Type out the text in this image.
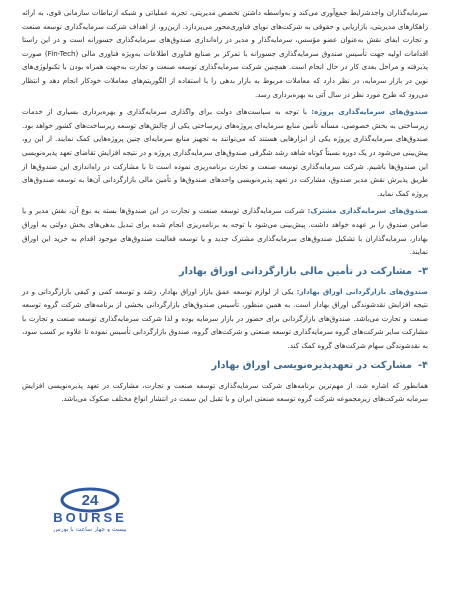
سرمایه‌گذاران واجدشرایط جمع‌آوری می‌کند و به‌واسطه داشتن تخصص مدیریتی، تجربه عملیاتی و شبکه ارتباطات سازمانی قوی، به ارائه راهکارهای مدیریتی، بازاریابی و حقوقی به شرکت‌های نوپای فناوری‌محور می‌پردازد. ازین‌رو، از اهداف شرکت سرمایه‌گذاری توسعه صنعت و تجارت ایفای نقش به‌عنوان عضو مؤسس، سرمایه‌گذار و مدیر در راه‌اندازی صندوق‌های سرمایه‌گذاری جسورانه است و در این راستا اقدامات اولیه جهت تأسیس صندوق سرمایه‌گذاری جسورانه با تمرکز بر صنایع فناوری اطلاعات به‌ویژه فناوری مالی (Fin-Tech) صورت پذیرفته و مراحل بعدی کار در حال انجام است. همچنین شرکت سرمایه‌گذاری توسعه صنعت و تجارت به‌جهت همراه بودن با تکنولوژی‌های نوین در بازار سرمایه، در نظر دارد که معاملات مربوط به بازار بدهی را با استفاده از الگوریتم‌های معاملات خودکار انجام دهد و انتظار می‌رود که طرح مورد نظر در سال آتی به بهره‌برداری رسد.

صندوق‌های سرمایه‌گذاری پروژه: با توجه به سیاست‌های دولت برای واگذاری سرمایه‌گذاری و بهره‌برداری بسیاری از خدمات زیرساختی به بخش خصوصی، مسأله تأمین منابع سرمایه‌ای پروژه‌های زیرساختی یکی از چالش‌های توسعه زیرساخت‌های کشور خواهد بود. صندوق‌های سرمایه‌گذاری پروژه یکی از ابزارهایی هستند که می‌توانند به تجهیز منابع سرمایه‌ای چنین پروژه‌هایی کمک نمایند. از این رو، پیش‌بینی می‌شود در یک دوره نسبتاً کوتاه شاهد رشد شگرفی صندوق‌های سرمایه‌گذاری پروژه و در نتیجه افزایش تقاضای تعهد پذیره‌نویسی این صندوق‌ها باشیم. شرکت سرمایه‌گذاری توسعه صنعت و تجارت برنامه‌ریزی نموده است تا با مشارکت در راه‌اندازی این صندوق‌ها از طریق پذیرش نقش مدیر صندوق، مشارکت در تعهد پذیره‌نویسی واحدهای صندوق‌ها و تأمین مالی بازارگردانی آن‌ها به توسعه صندوق‌های پروژه کمک نماید.

صندوق‌های سرمایه‌گذاری مشترک: شرکت سرمایه‌گذاری توسعه صنعت و تجارت در این صندوق‌ها بسته به نوع آن، نقش مدیر و یا ضامن صندوق را بر عهده خواهد داشت. پیش‌بینی می‌شود با توجه به برنامه‌ریزی انجام شده برای تبدیل بدهی‌های بخش دولتی به اوراق بهادار، سرمایه‌گذاران با تشکیل صندوق‌های سرمایه‌گذاری مشترک جدید و یا توسعه فعالیت صندوق‌های موجود اقدام به خرید این اوراق نمایند.

۳-مشارکت در تأمین مالی بازارگردانی اوراق بهادار

صندوق‌های بازارگردانی اوراق بهادار: یکی از لوازم توسعه عمق بازار اوراق بهادار، رشد و توسعه کمی و کیفی بازارگردانی و در نتیجه افزایش نقدشوندگی اوراق بهادار است. به همین منظور، تأسیس صندوق‌های بازارگردانی بخشی از برنامه‌های شرکت گروه توسعه صنعت و تجارت می‌باشد. صندوق‌های بازارگردانی برای حضور در بازار سرمایه بوده و لذا شرکت سرمایه‌گذاری توسعه صنعت و تجارت با مشارکت سایر شرکت‌های گروه سرمایه‌گذاری توسعه صنعتی و شرکت‌های گروه، صندوق بازارگردانی تأسیس نموده تا علاوه بر کسب سود، به نقدشوندگی سهام شرکت‌های گروه کمک کند.

۴-مشارکت در تعهدپذیره‌نویسی اوراق بهادار

همانطور که اشاره شد، از مهم‌ترین برنامه‌های شرکت سرمایه‌گذاری توسعه صنعت و تجارت، مشارکت در تعهد پذیره‌نویسی افزایش سرمایه شرکت‌های زیرمجموعه شرکت گروه توسعه صنعتی ایران و یا تقبل این سمت در انتشار انواع مختلف صکوک می‌باشد.

24
BOURSE
بیست و چهار ساعت با بورس
